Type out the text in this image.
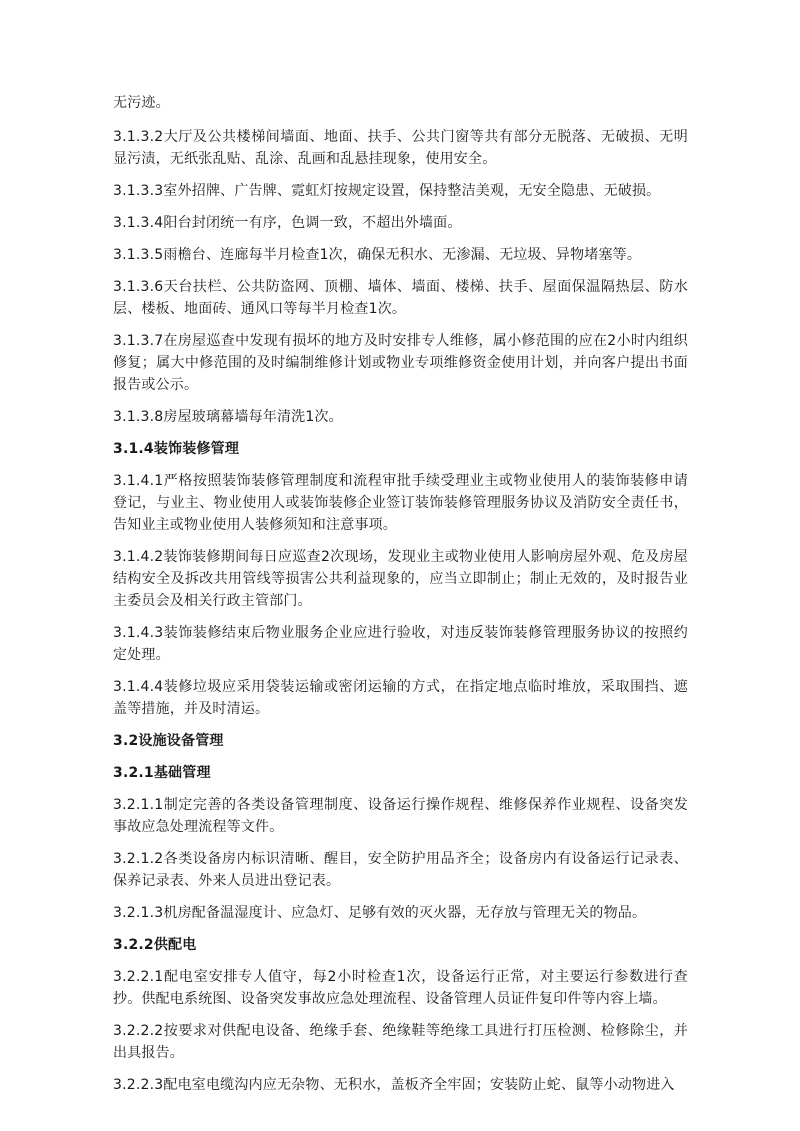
无污迹。
3.1.3.2大厅及公共楼梯间墙面、地面、扶手、公共门窗等共有部分无脱落、无破损、无明显污渍，无纸张乱贴、乱涂、乱画和乱悬挂现象，使用安全。
3.1.3.3室外招牌、广告牌、霓虹灯按规定设置，保持整洁美观，无安全隐患、无破损。
3.1.3.4阳台封闭统一有序，色调一致，不超出外墙面。
3.1.3.5雨檐台、连廊每半月检查1次，确保无积水、无渗漏、无垃圾、异物堵塞等。
3.1.3.6天台扶栏、公共防盗网、顶棚、墙体、墙面、楼梯、扶手、屋面保温隔热层、防水层、楼板、地面砖、通风口等每半月检查1次。
3.1.3.7在房屋巡查中发现有损坏的地方及时安排专人维修，属小修范围的应在2小时内组织修复；属大中修范围的及时编制维修计划或物业专项维修资金使用计划，并向客户提出书面报告或公示。
3.1.3.8房屋玻璃幕墙每年清洗1次。
3.1.4装饰装修管理
3.1.4.1严格按照装饰装修管理制度和流程审批手续受理业主或物业使用人的装饰装修申请登记，与业主、物业使用人或装饰装修企业签订装饰装修管理服务协议及消防安全责任书，告知业主或物业使用人装修须知和注意事项。
3.1.4.2装饰装修期间每日应巡查2次现场，发现业主或物业使用人影响房屋外观、危及房屋结构安全及拆改共用管线等损害公共利益现象的，应当立即制止；制止无效的，及时报告业主委员会及相关行政主管部门。
3.1.4.3装饰装修结束后物业服务企业应进行验收，对违反装饰装修管理服务协议的按照约定处理。
3.1.4.4装修垃圾应采用袋装运输或密闭运输的方式，在指定地点临时堆放，采取围挡、遮盖等措施，并及时清运。
3.2设施设备管理
3.2.1基础管理
3.2.1.1制定完善的各类设备管理制度、设备运行操作规程、维修保养作业规程、设备突发事故应急处理流程等文件。
3.2.1.2各类设备房内标识清晰、醒目，安全防护用品齐全；设备房内有设备运行记录表、保养记录表、外来人员进出登记表。
3.2.1.3机房配备温湿度计、应急灯、足够有效的灭火器，无存放与管理无关的物品。
3.2.2供配电
3.2.2.1配电室安排专人值守，每2小时检查1次，设备运行正常，对主要运行参数进行查抄。供配电系统图、设备突发事故应急处理流程、设备管理人员证件复印件等内容上墙。
3.2.2.2按要求对供配电设备、绝缘手套、绝缘鞋等绝缘工具进行打压检测、检修除尘，并出具报告。
3.2.2.3配电室电缆沟内应无杂物、无积水，盖板齐全牢固；安装防止蛇、鼠等小动物进入
